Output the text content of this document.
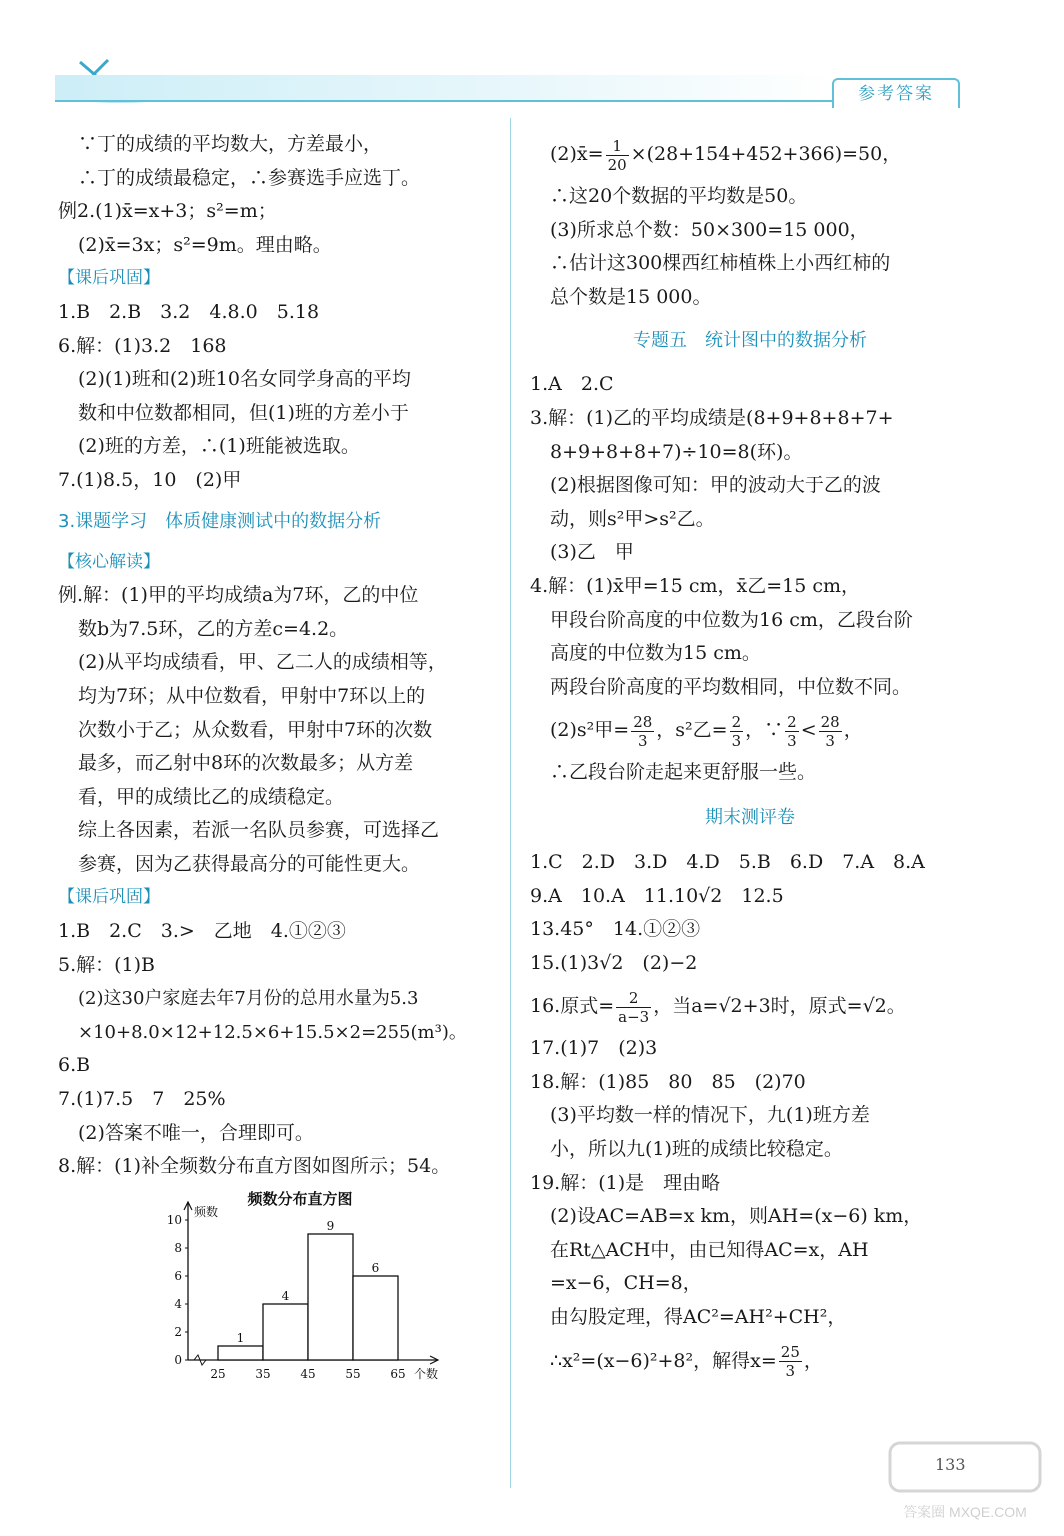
参考答案
∵丁的成绩的平均数大，方差最小，
∴丁的成绩最稳定，∴参赛选手应选丁。
例2.(1)x̄=x+3；s²=m；
(2)x̄=3x；s²=9m。理由略。
【课后巩固】
1.B　2.B　3.2　4.8.0　5.18
6.解：(1)3.2　168
(2)(1)班和(2)班10名女同学身高的平均
数和中位数都相同，但(1)班的方差小于
(2)班的方差，∴(1)班能被选取。
7.(1)8.5，10　(2)甲
3.课题学习　体质健康测试中的数据分析
【核心解读】
例.解：(1)甲的平均成绩a为7环，乙的中位
数b为7.5环，乙的方差c=4.2。
(2)从平均成绩看，甲、乙二人的成绩相等，
均为7环；从中位数看，甲射中7环以上的
次数小于乙；从众数看，甲射中7环的次数
最多，而乙射中8环的次数最多；从方差
看，甲的成绩比乙的成绩稳定。
综上各因素，若派一名队员参赛，可选择乙
参赛，因为乙获得最高分的可能性更大。
【课后巩固】
1.B　2.C　3.>　乙地　4.①②③
5.解：(1)B
(2)这30户家庭去年7月份的总用水量为5.3
×10+8.0×12+12.5×6+15.5×2=255(m³)。
6.B
7.(1)7.5　7　25%
(2)答案不唯一，合理即可。
8.解：(1)补全频数分布直方图如图所示；54。
频数分布直方图
频数
个数
0
2
4
6
8
10
25 35 45 55 65
1
4
9
6
(2)x̄= $\frac{1}{20} \times(28+154+452+366)=50$，
∴这20个数据的平均数是50。
(3)所求总个数：50×300=15 000，
∴估计这300棵西红柿植株上小西红柿的
总个数是15 000。
专题五　统计图中的数据分析
1.A　2.C
3.解：(1)乙的平均成绩是(8+9+8+8+7+
8+9+8+8+7)÷10=8(环)。
(2)根据图像可知：甲的波动大于乙的波
动，则s²甲>s²乙。
(3)乙　甲
4.解：(1)x̄甲=15 cm，x̄乙=15 cm，
甲段台阶高度的中位数为16 cm，乙段台阶
高度的中位数为15 cm。
两段台阶高度的平均数相同，中位数不同。
(2)s²甲= $\frac{28}{3}$ ，s²乙= $\frac{2}{3}$ ，∵ $\frac{2}{3} < \frac{28}{3}$ ，
∴乙段台阶走起来更舒服一些。
期末测评卷
1.C　2.D　3.D　4.D　5.B　6.D　7.A　8.A
9.A　10.A　11.10√2　12.5
13.45°　14.①②③
15.(1)3√2　(2)−2
16.原式= $\frac{2}{a-3}$ ，当a=√2+3时，原式=√2。
17.(1)7　(2)3
18.解：(1)85　80　85　(2)70
(3)平均数一样的情况下，九(1)班方差
小，所以九(1)班的成绩比较稳定。
19.解：(1)是　理由略
(2)设AC=AB=x km，则AH=(x−6) km，
在Rt△ACH中，由已知得AC=x，AH
=x−6，CH=8，
由勾股定理，得AC²=AH²+CH²，
∴x²=(x−6)²+8²，解得$x= \frac{25}{3}$ ，
133
答案圈 MXQE.COM
